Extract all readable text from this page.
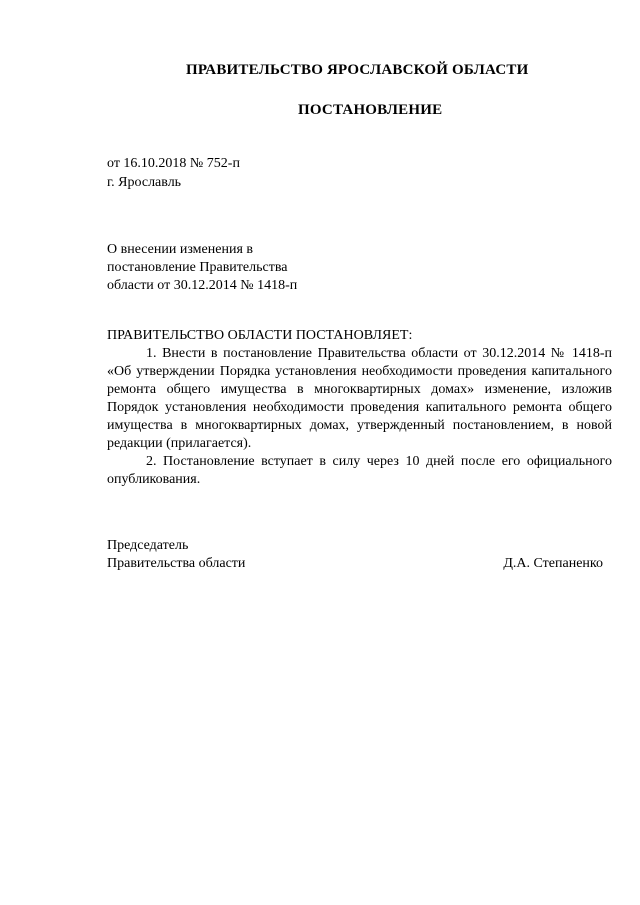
ПРАВИТЕЛЬСТВО ЯРОСЛАВСКОЙ ОБЛАСТИ
ПОСТАНОВЛЕНИЕ
от 16.10.2018 № 752-п
г. Ярославль
О внесении изменения в
постановление Правительства
области от 30.12.2014 № 1418-п
ПРАВИТЕЛЬСТВО ОБЛАСТИ ПОСТАНОВЛЯЕТ:

1. Внести в постановление Правительства области от 30.12.2014 № 1418-п «Об утверждении Порядка установления необходимости проведения капитального ремонта общего имущества в многоквартирных домах» изменение, изложив Порядок установления необходимости проведения капитального ремонта общего имущества в многоквартирных домах, утвержденный постановлением, в новой редакции (прилагается).

2. Постановление вступает в силу через 10 дней после его официального опубликования.

Председатель
Правительства области	Д.А. Степаненко
